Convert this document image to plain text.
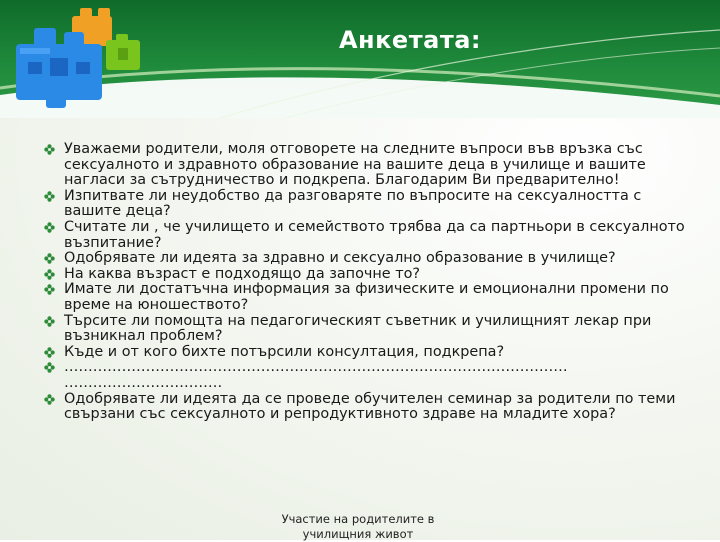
Анкетата:
Уважаеми родители, моля отговорете на следните въпроси във връзка със сексуалното и здравното образование на вашите деца в училище и вашите нагласи за сътрудничество и подкрепа. Благодарим Ви предварително!
Изпитвате ли неудобство да разговаряте по въпросите на сексуалността с вашите деца?
Считате ли , че училището и семейството трябва да са партньори в сексуалното възпитание?
Одобрявате ли идеята за здравно и сексуално образование в училище?
На каква възраст е подходящо да започне то?
Имате ли достатъчна информация за физическите и емоционални промени по време на юношеството?
Търсите ли помощта на педагогическият съветник и училищният лекар при възникнал проблем?
Къде и от кого бихте потърсили консултация, подкрепа?
…………………………………………………………………………………………… ……………………………
Одобрявате ли идеята да се проведе обучителен семинар за родители по теми свързани със сексуалното и репродуктивното здраве на младите хора?
Участие на родителите в
училищния живот
